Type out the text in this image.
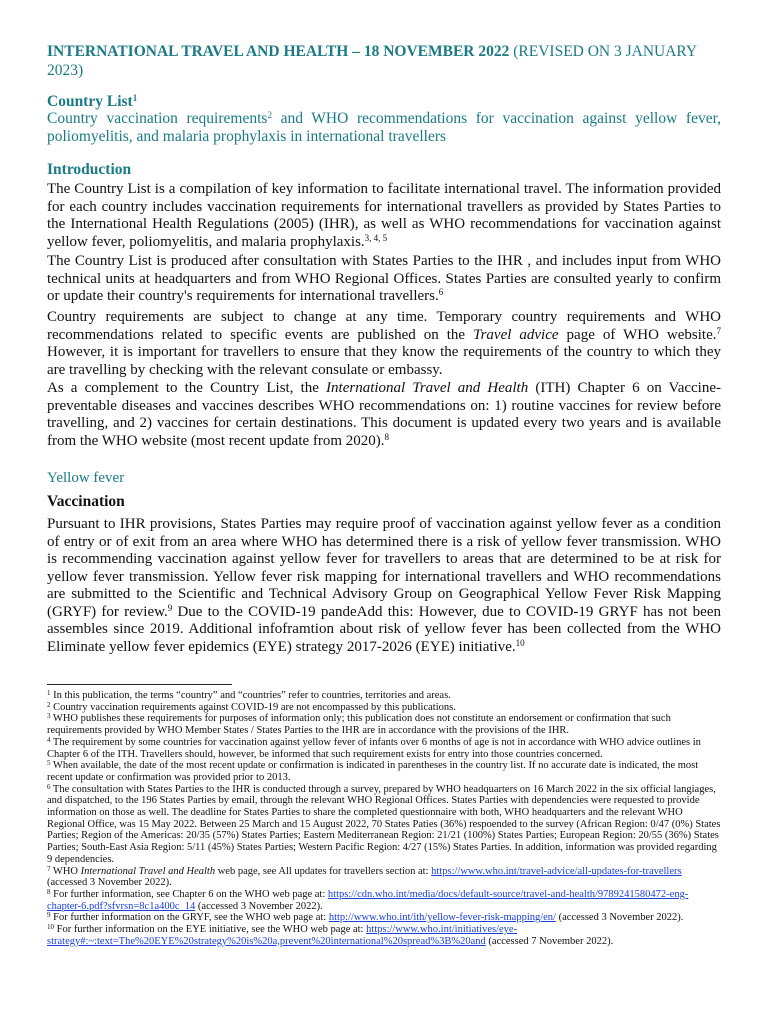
INTERNATIONAL TRAVEL AND HEALTH – 18 NOVEMBER 2022 (REVISED ON 3 JANUARY 2023)
Country List$^1$
Country vaccination requirements$^2$ and WHO recommendations for vaccination against yellow fever, poliomyelitis, and malaria prophylaxis in international travellers
Introduction

The Country List is a compilation of key information to facilitate international travel. The information provided for each country includes vaccination requirements for international travellers as provided by States Parties to the International Health Regulations (2005) (IHR), as well as WHO recommendations for vaccination against yellow fever, poliomyelitis, and malaria prophylaxis.$^{3, 4, 5}$

The Country List is produced after consultation with States Parties to the IHR , and includes input from WHO technical units at headquarters and from WHO Regional Offices. States Parties are consulted yearly to confirm or update their country's requirements for international travellers.$^6$

Country requirements are subject to change at any time. Temporary country requirements and WHO recommendations related to specific events are published on the Travel advice page of WHO website.$^7$ However, it is important for travellers to ensure that they know the requirements of the country to which they are travelling by checking with the relevant consulate or embassy.

As a complement to the Country List, the International Travel and Health (ITH) Chapter 6 on Vaccine-preventable diseases and vaccines describes WHO recommendations on: 1) routine vaccines for review before travelling, and 2) vaccines for certain destinations. This document is updated every two years and is available from the WHO website (most recent update from 2020).$^8$

Yellow fever
Vaccination

Pursuant to IHR provisions, States Parties may require proof of vaccination against yellow fever as a condition of entry or of exit from an area where WHO has determined there is a risk of yellow fever transmission. WHO is recommending vaccination against yellow fever for travellers to areas that are determined to be at risk for yellow fever transmission. Yellow fever risk mapping for international travellers and WHO recommendations are submitted to the Scientific and Technical Advisory Group on Geographical Yellow Fever Risk Mapping (GRYF) for review.$^9$ Due to the COVID-19 pandeAdd this: However, due to COVID-19 GRYF has not been assembles since 2019. Additional infoframtion about risk of yellow fever has been collected from the WHO Eliminate yellow fever epidemics (EYE) strategy 2017-2026 (EYE) initiative.$^{10}$

$^1$ In this publication, the terms “country” and “countries” refer to countries, territories and areas.

$^2$ Country vaccination requirements against COVID-19 are not encompassed by this publications.

$^3$ WHO publishes these requirements for purposes of information only; this publication does not constitute an endorsement or confirmation that such requirements provided by WHO Member States / States Parties to the IHR are in accordance with the provisions of the IHR.

$^4$ The requirement by some countries for vaccination against yellow fever of infants over 6 months of age is not in accordance with WHO advice outlines in Chapter 6 of the ITH. Travellers should, however, be informed that such requirement exists for entry into those countries concerned.

$^5$ When available, the date of the most recent update or confirmation is indicated in parentheses in the country list. If no accurate date is indicated, the most recent update or confirmation was provided prior to 2013.

$^6$ The consultation with States Parties to the IHR is conducted through a survey, prepared by WHO headquarters on 16 March 2022 in the six official langiages, and dispatched, to the 196 States Parties by email, through the relevant WHO Regional Offices. States Parties with dependencies were requested to provide information on those as well. The deadline for States Parties to share the completed questionnaire with both, WHO headquarters and the relevant WHO Regional Office, was 15 May 2022. Between 25 March and 15 August 2022, 70 States Paties (36%) respoended to the survey (African Region: 0/47 (0%) States Parties; Region of the Americas: 20/35 (57%) States Parties; Eastern Mediterranean Region: 21/21 (100%) States Parties; European Region: 20/55 (36%) States Parties; South-East Asia Region: 5/11 (45%) States Parties; Western Pacific Region: 4/27 (15%) States Parties. In addition, information was provided regarding 9 dependencies.

$^7$ WHO International Travel and Health web page, see All updates for travellers section at: https://www.who.int/travel-advice/all-updates-for-travellers (accessed 3 November 2022).

$^8$ For further information, see Chapter 6 on the WHO web page at: https://cdn.who.int/media/docs/default-source/travel-and-health/9789241580472-eng-chapter-6.pdf?sfvrsn=8c1a400c_14 (accessed 3 November 2022).

$^9$ For further information on the GRYF, see the WHO web page at: http://www.who.int/ith/yellow-fever-risk-mapping/en/ (accessed 3 November 2022).

$^{10}$ For further information on the EYE initiative, see the WHO web page at: https://www.who.int/initiatives/eye-strategy#:~:text=The%20EYE%20strategy%20is%20a,prevent%20international%20spread%3B%20and (accessed 7 November 2022).
